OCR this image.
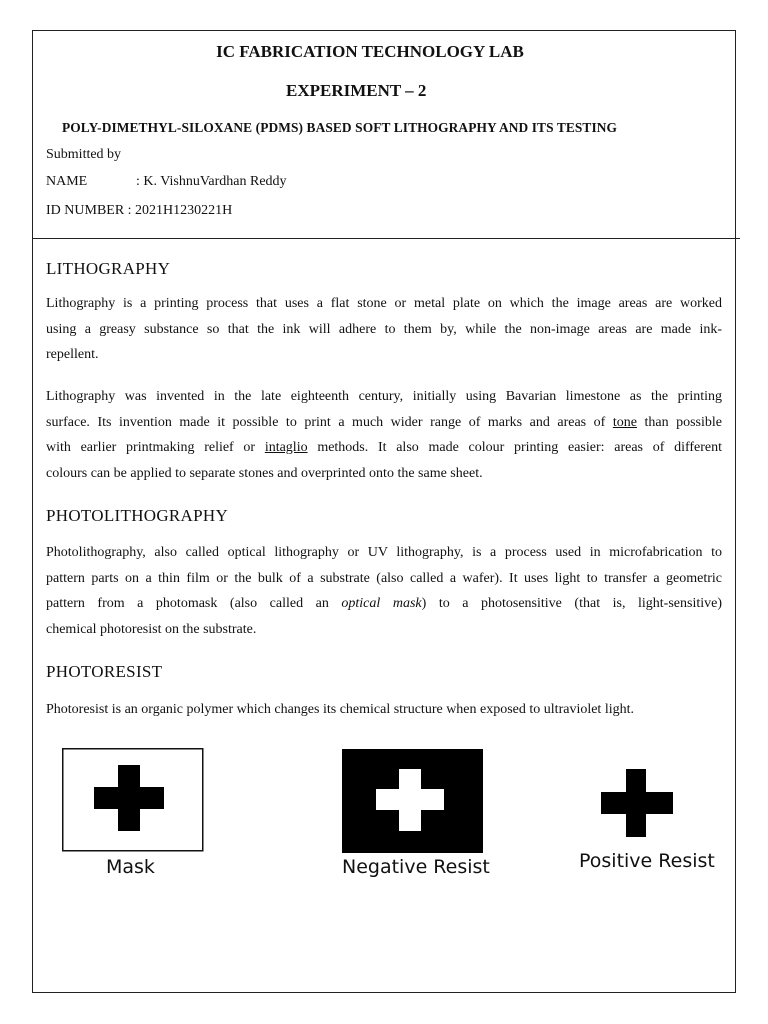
IC FABRICATION TECHNOLOGY LAB
EXPERIMENT – 2
POLY-DIMETHYL-SILOXANE (PDMS) BASED SOFT LITHOGRAPHY AND ITS TESTING
Submitted by
NAME	: K. VishnuVardhan Reddy
ID NUMBER : 2021H1230221H
LITHOGRAPHY
Lithography is a printing process that uses a flat stone or metal plate on which the image areas are worked
using a greasy substance so that the ink will adhere to them by, while the non-image areas are made ink-
repellent.
Lithography was invented in the late eighteenth century, initially using Bavarian limestone as the printing
surface. Its invention made it possible to print a much wider range of marks and areas of tone than possible
with earlier printmaking relief or intaglio methods. It also made colour printing easier: areas of different
colours can be applied to separate stones and overprinted onto the same sheet.
PHOTOLITHOGRAPHY
Photolithography, also called optical lithography or UV lithography, is a process used in microfabrication to
pattern parts on a thin film or the bulk of a substrate (also called a wafer). It uses light to transfer a geometric
pattern from a photomask (also called an optical mask) to a photosensitive (that is, light-sensitive)
chemical photoresist on the substrate.
PHOTORESIST
Photoresist is an organic polymer which changes its chemical structure when exposed to ultraviolet light.
Mask	Negative Resist	Positive Resist
